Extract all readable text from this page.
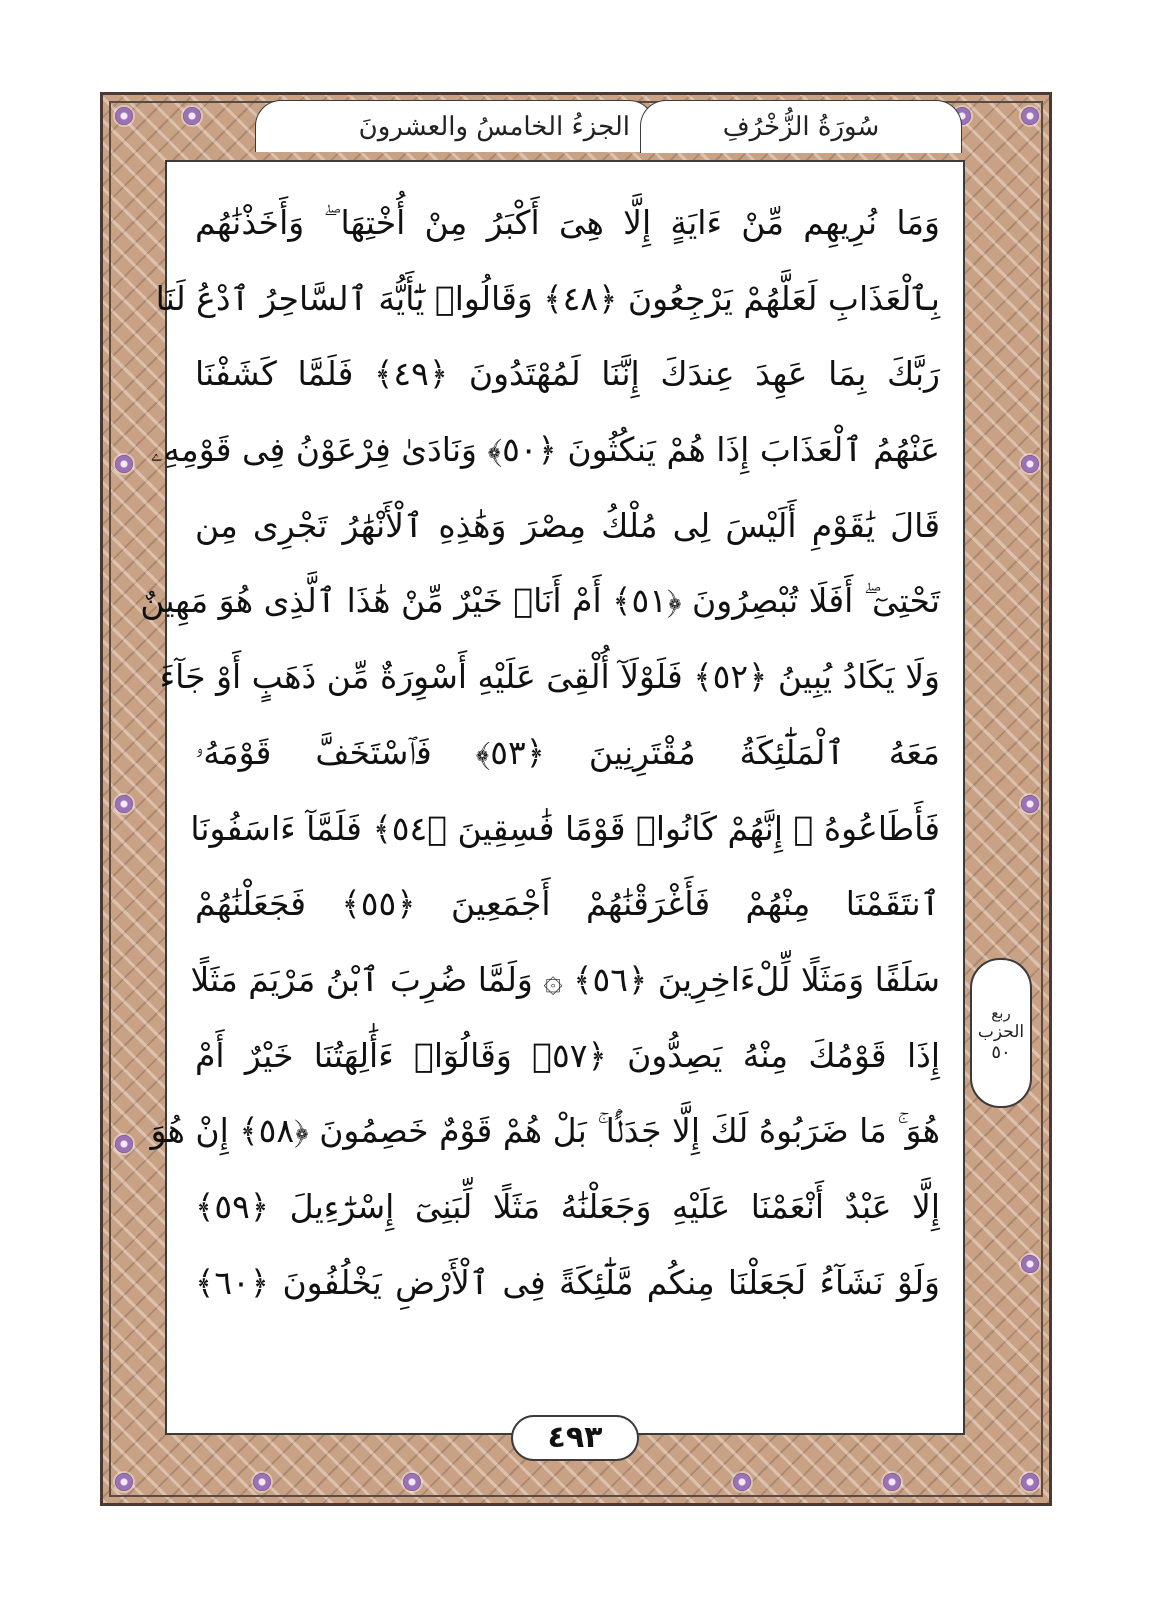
الجزءُ الخامسُ والعشرونَ	سُورَةُ الزُّخْرُفِ
وَمَا نُرِيهِم مِّنْ ءَايَةٍ إِلَّا هِىَ أَكْبَرُ مِنْ أُخْتِهَا ۖ وَأَخَذْنَٰهُم
بِٱلْعَذَابِ لَعَلَّهُمْ يَرْجِعُونَ ﴿٤٨﴾ وَقَالُوا۟ يَٰٓأَيُّهَ ٱلسَّاحِرُ ٱدْعُ لَنَا
رَبَّكَ بِمَا عَهِدَ عِندَكَ إِنَّنَا لَمُهْتَدُونَ ﴿٤٩﴾ فَلَمَّا كَشَفْنَا
عَنْهُمُ ٱلْعَذَابَ إِذَا هُمْ يَنكُثُونَ ﴿٥٠﴾ وَنَادَىٰ فِرْعَوْنُ فِى قَوْمِهِۦ
قَالَ يَٰقَوْمِ أَلَيْسَ لِى مُلْكُ مِصْرَ وَهَٰذِهِ ٱلْأَنْهَٰرُ تَجْرِى مِن
تَحْتِىٓ ۖ أَفَلَا تُبْصِرُونَ ﴿٥١﴾ أَمْ أَنَا۠ خَيْرٌ مِّنْ هَٰذَا ٱلَّذِى هُوَ مَهِينٌ
وَلَا يَكَادُ يُبِينُ ﴿٥٢﴾ فَلَوْلَآ أُلْقِىَ عَلَيْهِ أَسْوِرَةٌ مِّن ذَهَبٍ أَوْ جَآءَ
مَعَهُ ٱلْمَلَٰٓئِكَةُ مُقْتَرِنِينَ ﴿٥٣﴾ فَٱسْتَخَفَّ قَوْمَهُۥ
فَأَطَاعُوهُ ۚ إِنَّهُمْ كَانُوا۟ قَوْمًا فَٰسِقِينَ ﴿٥٤﴾ فَلَمَّآ ءَاسَفُونَا
ٱنتَقَمْنَا مِنْهُمْ فَأَغْرَقْنَٰهُمْ أَجْمَعِينَ ﴿٥٥﴾ فَجَعَلْنَٰهُمْ
سَلَفًا وَمَثَلًا لِّلْءَاخِرِينَ ﴿٥٦﴾ ۞ وَلَمَّا ضُرِبَ ٱبْنُ مَرْيَمَ مَثَلًا
إِذَا قَوْمُكَ مِنْهُ يَصِدُّونَ ﴿٥٧﴾ وَقَالُوٓا۟ ءَأَٰلِهَتُنَا خَيْرٌ أَمْ
هُوَ ۚ مَا ضَرَبُوهُ لَكَ إِلَّا جَدَلًۢا ۚ بَلْ هُمْ قَوْمٌ خَصِمُونَ ﴿٥٨﴾ إِنْ هُوَ
إِلَّا عَبْدٌ أَنْعَمْنَا عَلَيْهِ وَجَعَلْنَٰهُ مَثَلًا لِّبَنِىٓ إِسْرَٰٓءِيلَ ﴿٥٩﴾
وَلَوْ نَشَآءُ لَجَعَلْنَا مِنكُم مَّلَٰٓئِكَةً فِى ٱلْأَرْضِ يَخْلُفُونَ ﴿٦٠﴾
ربع
الحزب
٥٠
٤٩٣
